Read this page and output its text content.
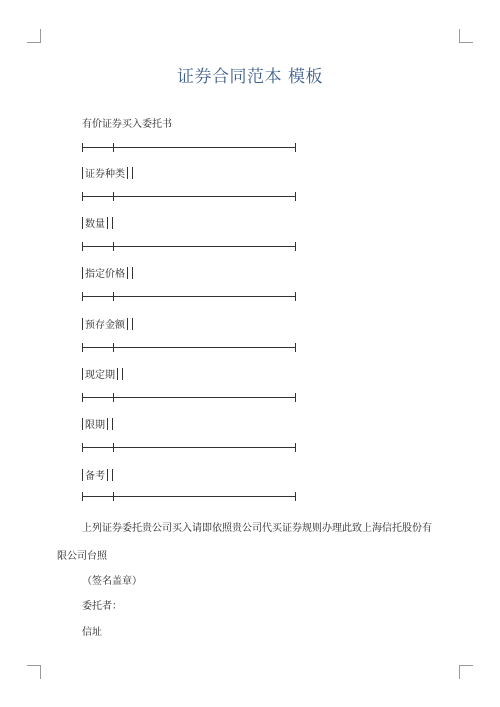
证券合同范本 模板
有价证券买入委托书
证券种类
数量
指定价格
预存金额
现定期
限期
备考
上列证券委托贵公司买入请即依照贵公司代买证券规则办理此致上海信托股份有
限公司台照
（签名盖章）
委托者：
信址
